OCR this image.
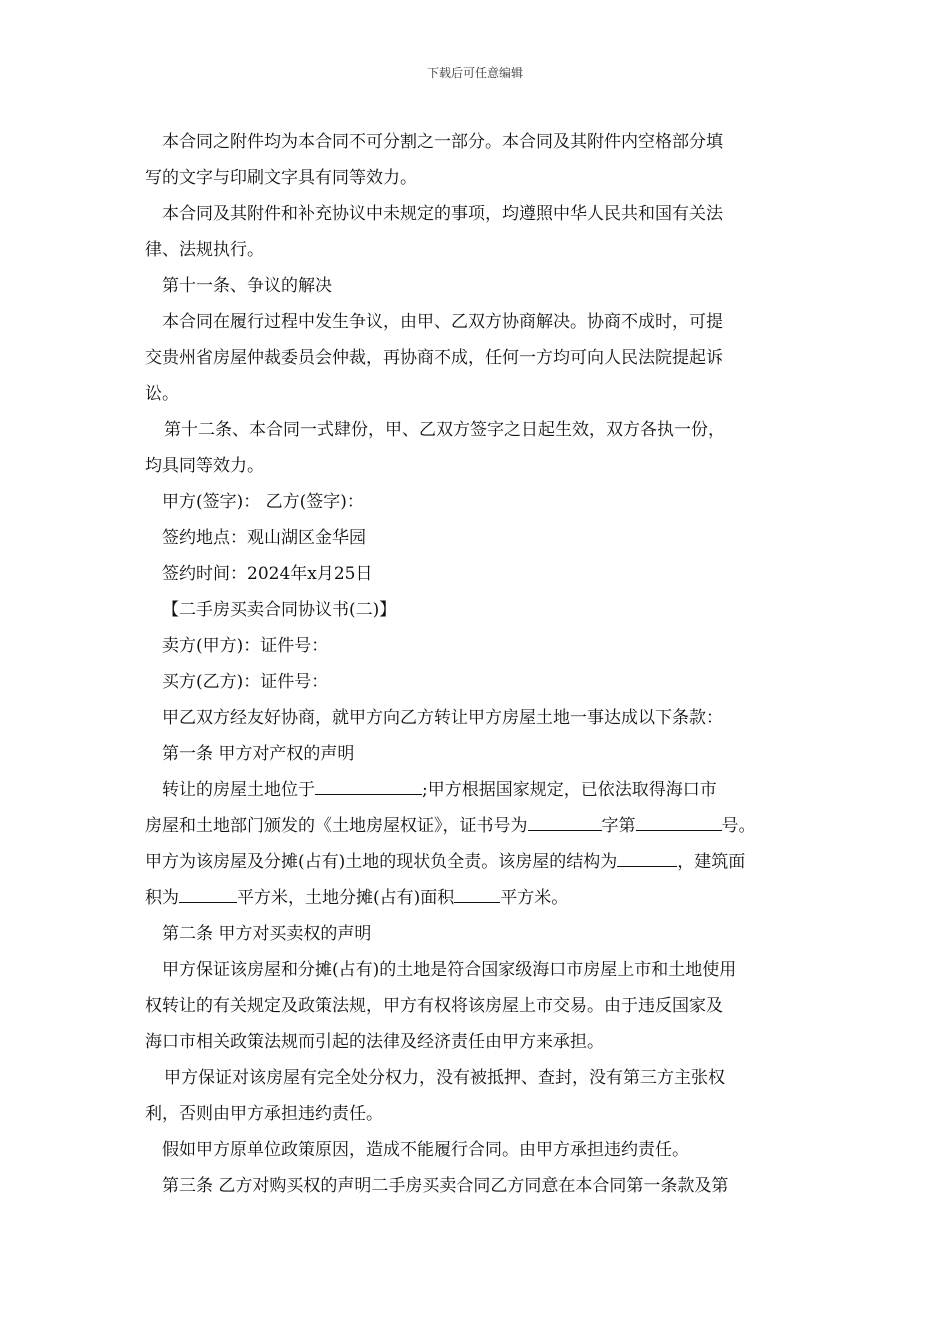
下载后可任意编辑

本合同之附件均为本合同不可分割之一部分。本合同及其附件内空格部分填

写的文字与印刷文字具有同等效力。

本合同及其附件和补充协议中未规定的事项，均遵照中华人民共和国有关法

律、法规执行。

第十一条、争议的解决

本合同在履行过程中发生争议，由甲、乙双方协商解决。协商不成时，可提

交贵州省房屋仲裁委员会仲裁，再协商不成，任何一方均可向人民法院提起诉

讼。

第十二条、本合同一式肆份，甲、乙双方签字之日起生效，双方各执一份，

均具同等效力。

甲方(签字)： 乙方(签字)：

签约地点：观山湖区金华园

签约时间：2024年x月25日

【二手房买卖合同协议书(二)】

卖方(甲方)：证件号：

买方(乙方)：证件号：

甲乙双方经友好协商，就甲方向乙方转让甲方房屋土地一事达成以下条款：

第一条 甲方对产权的声明

转让的房屋土地位于	;甲方根据国家规定，已依法取得海口市

房屋和土地部门颁发的《土地房屋权证》，证书号为	字第	号。

甲方为该房屋及分摊(占有)土地的现状负全责。该房屋的结构为	，建筑面

积为	平方米，土地分摊(占有)面积	平方米。

第二条 甲方对买卖权的声明

甲方保证该房屋和分摊(占有)的土地是符合国家级海口市房屋上市和土地使用

权转让的有关规定及政策法规，甲方有权将该房屋上市交易。由于违反国家及

海口市相关政策法规而引起的法律及经济责任由甲方来承担。

甲方保证对该房屋有完全处分权力，没有被抵押、查封，没有第三方主张权

利，否则由甲方承担违约责任。

假如甲方原单位政策原因，造成不能履行合同。由甲方承担违约责任。

第三条 乙方对购买权的声明二手房买卖合同乙方同意在本合同第一条款及第
